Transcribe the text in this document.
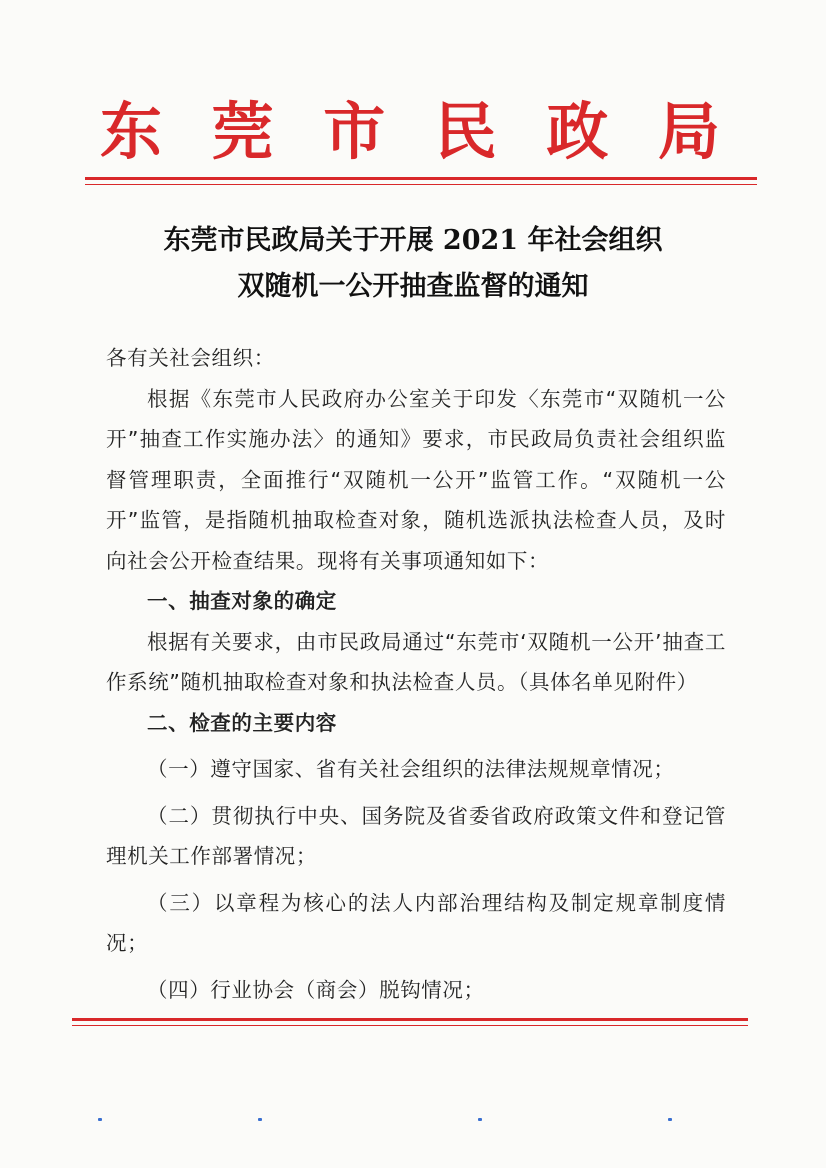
东 莞 市 民 政 局
东莞市民政局关于开展 2021 年社会组织
双随机一公开抽查监督的通知

各有关社会组织：

根据《东莞市人民政府办公室关于印发〈东莞市“双随机一公开”抽查工作实施办法〉的通知》要求，市民政局负责社会组织监督管理职责，全面推行“双随机一公开”监管工作。“双随机一公开”监管，是指随机抽取检查对象，随机选派执法检查人员，及时向社会公开检查结果。现将有关事项通知如下：

一、抽查对象的确定

根据有关要求，由市民政局通过“东莞市‘双随机一公开’抽查工作系统”随机抽取检查对象和执法检查人员。（具体名单见附件）

二、检查的主要内容

（一）遵守国家、省有关社会组织的法律法规规章情况；

（二）贯彻执行中央、国务院及省委省政府政策文件和登记管理机关工作部署情况；

（三）以章程为核心的法人内部治理结构及制定规章制度情况；

（四）行业协会（商会）脱钩情况；
